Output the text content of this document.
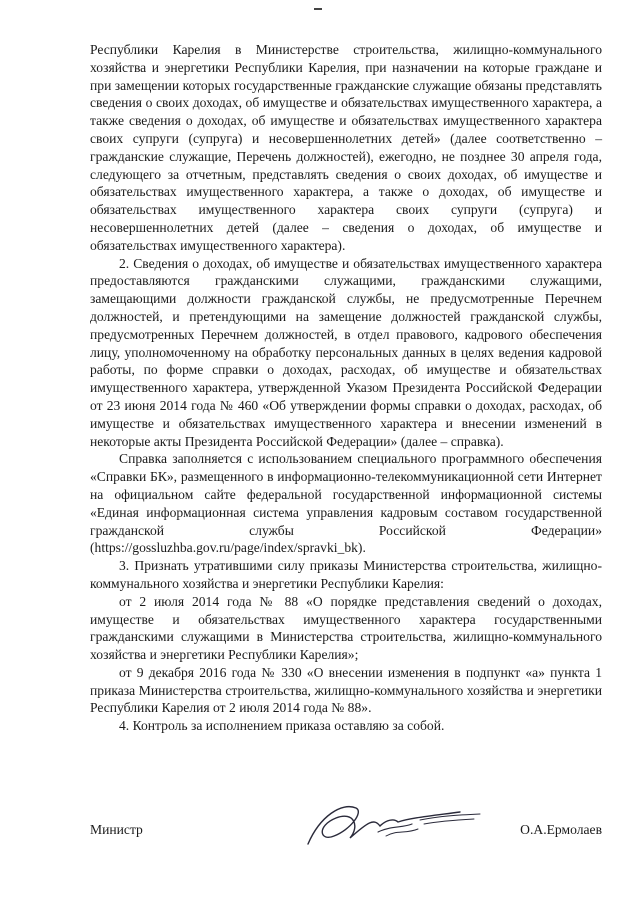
Республики Карелия в Министерстве строительства, жилищно-коммунального хозяйства и энергетики Республики Карелия, при назначении на которые граждане и при замещении которых государственные гражданские служащие обязаны представлять сведения о своих доходах, об имуществе и обязательствах имущественного характера, а также сведения о доходах, об имуществе и обязательствах имущественного характера своих супруги (супруга) и несовершеннолетних детей» (далее соответственно – гражданские служащие, Перечень должностей), ежегодно, не позднее 30 апреля года, следующего за отчетным, представлять сведения о своих доходах, об имуществе и обязательствах имущественного характера, а также о доходах, об имуществе и обязательствах имущественного характера своих супруги (супруга) и несовершеннолетних детей (далее – сведения о доходах, об имуществе и обязательствах имущественного характера).

2. Сведения о доходах, об имуществе и обязательствах имущественного характера предоставляются гражданскими служащими, гражданскими служащими, замещающими должности гражданской службы, не предусмотренные Перечнем должностей, и претендующими на замещение должностей гражданской службы, предусмотренных Перечнем должностей, в отдел правового, кадрового обеспечения лицу, уполномоченному на обработку персональных данных в целях ведения кадровой работы, по форме справки о доходах, расходах, об имуществе и обязательствах имущественного характера, утвержденной Указом Президента Российской Федерации от 23 июня 2014 года № 460 «Об утверждении формы справки о доходах, расходах, об имуществе и обязательствах имущественного характера и внесении изменений в некоторые акты Президента Российской Федерации» (далее – справка).

Справка заполняется с использованием специального программного обеспечения «Справки БК», размещенного в информационно-телекоммуникационной сети Интернет на официальном сайте федеральной государственной информационной системы «Единая информационная система управления кадровым составом государственной гражданской службы Российской Федерации» (https://gossluzhba.gov.ru/page/index/spravki_bk).

3. Признать утратившими силу приказы Министерства строительства, жилищно-коммунального хозяйства и энергетики Республики Карелия:

от 2 июля 2014 года № 88 «О порядке представления сведений о доходах, имуществе и обязательствах имущественного характера государственными гражданскими служащими в Министерства строительства, жилищно-коммунального хозяйства и энергетики Республики Карелия»;

от 9 декабря 2016 года № 330 «О внесении изменения в подпункт «а» пункта 1 приказа Министерства строительства, жилищно-коммунального хозяйства и энергетики Республики Карелия от 2 июля 2014 года № 88».

4. Контроль за исполнением приказа оставляю за собой.

Министр	О.А.Ермолаев
